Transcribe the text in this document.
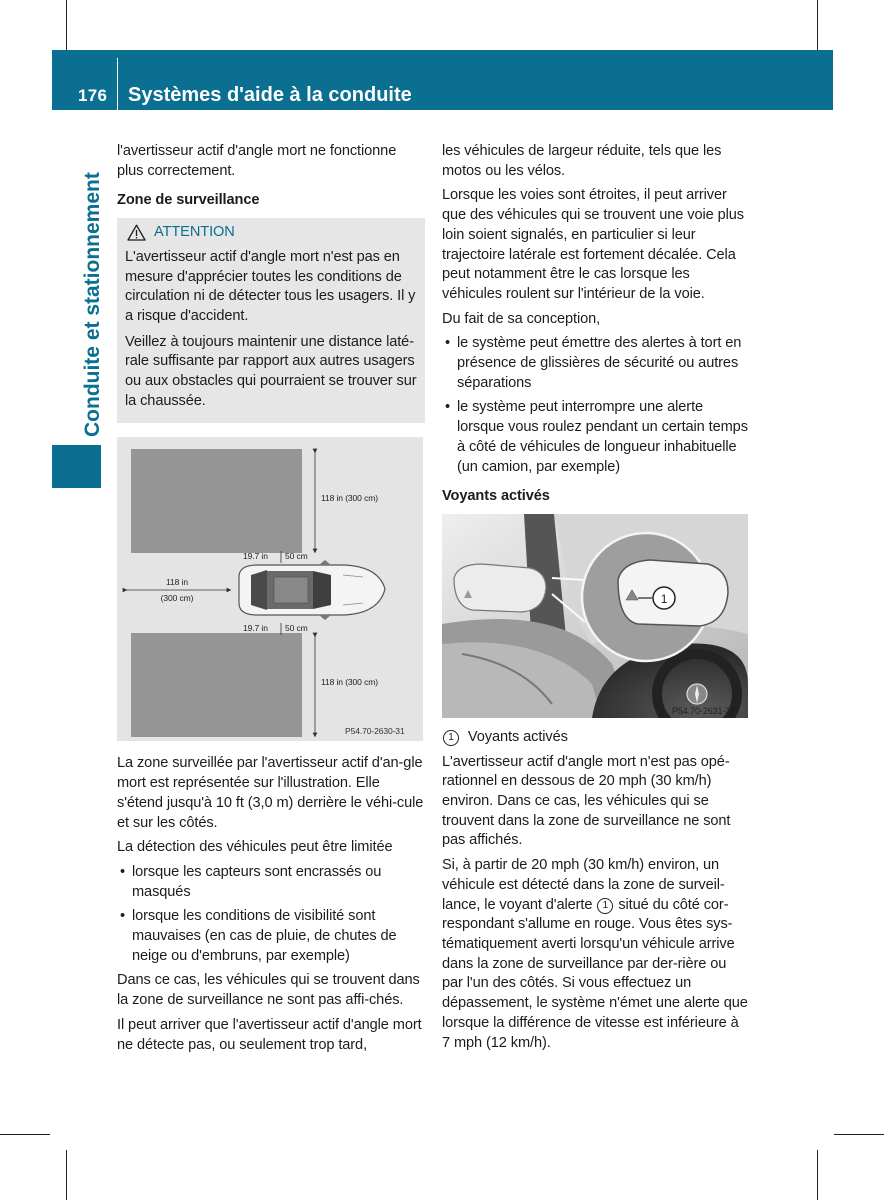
176 Systèmes d'aide à la conduite
Conduite et stationnement

l'avertisseur actif d'angle mort ne fonctionne plus correctement.

Zone de surveillance
ATTENTION

L'avertisseur actif d'angle mort n'est pas en mesure d'apprécier toutes les conditions de circulation ni de détecter tous les usagers. Il y a risque d'accident.

Veillez à toujours maintenir une distance laté-rale suffisante par rapport aux autres usagers ou aux obstacles qui pourraient se trouver sur la chaussée.

118 in (300 cm)
118 in (300 cm)
19.7 in 50 cm
19.7 in 50 cm
118 in
(300 cm)
P54.70-2630-31

La zone surveillée par l'avertisseur actif d'an-gle mort est représentée sur l'illustration. Elle s'étend jusqu'à 10 ft (3,0 m) derrière le véhi-cule et sur les côtés.

La détection des véhicules peut être limitée

• lorsque les capteurs sont encrassés ou masqués
• lorsque les conditions de visibilité sont mauvaises (en cas de pluie, de chutes de neige ou d'embruns, par exemple)

Dans ce cas, les véhicules qui se trouvent dans la zone de surveillance ne sont pas affi-chés.

Il peut arriver que l'avertisseur actif d'angle mort ne détecte pas, ou seulement trop tard,

les véhicules de largeur réduite, tels que les motos ou les vélos.

Lorsque les voies sont étroites, il peut arriver que des véhicules qui se trouvent une voie plus loin soient signalés, en particulier si leur trajectoire latérale est fortement décalée. Cela peut notamment être le cas lorsque les véhicules roulent sur l'intérieur de la voie.

Du fait de sa conception,

• le système peut émettre des alertes à tort en présence de glissières de sécurité ou autres séparations
• le système peut interrompre une alerte lorsque vous roulez pendant un certain temps à côté de véhicules de longueur inhabituelle (un camion, par exemple)
Voyants activés
1
P54.70-2631-31

1 Voyants activés

L'avertisseur actif d'angle mort n'est pas opé-rationnel en dessous de 20 mph (30 km/h) environ. Dans ce cas, les véhicules qui se trouvent dans la zone de surveillance ne sont pas affichés.

Si, à partir de 20 mph (30 km/h) environ, un véhicule est détecté dans la zone de surveil-lance, le voyant d'alerte 1 situé du côté cor-respondant s'allume en rouge. Vous êtes sys-tématiquement averti lorsqu'un véhicule arrive dans la zone de surveillance par der-rière ou par l'un des côtés. Si vous effectuez un dépassement, le système n'émet une alerte que lorsque la différence de vitesse est inférieure à 7 mph (12 km/h).
